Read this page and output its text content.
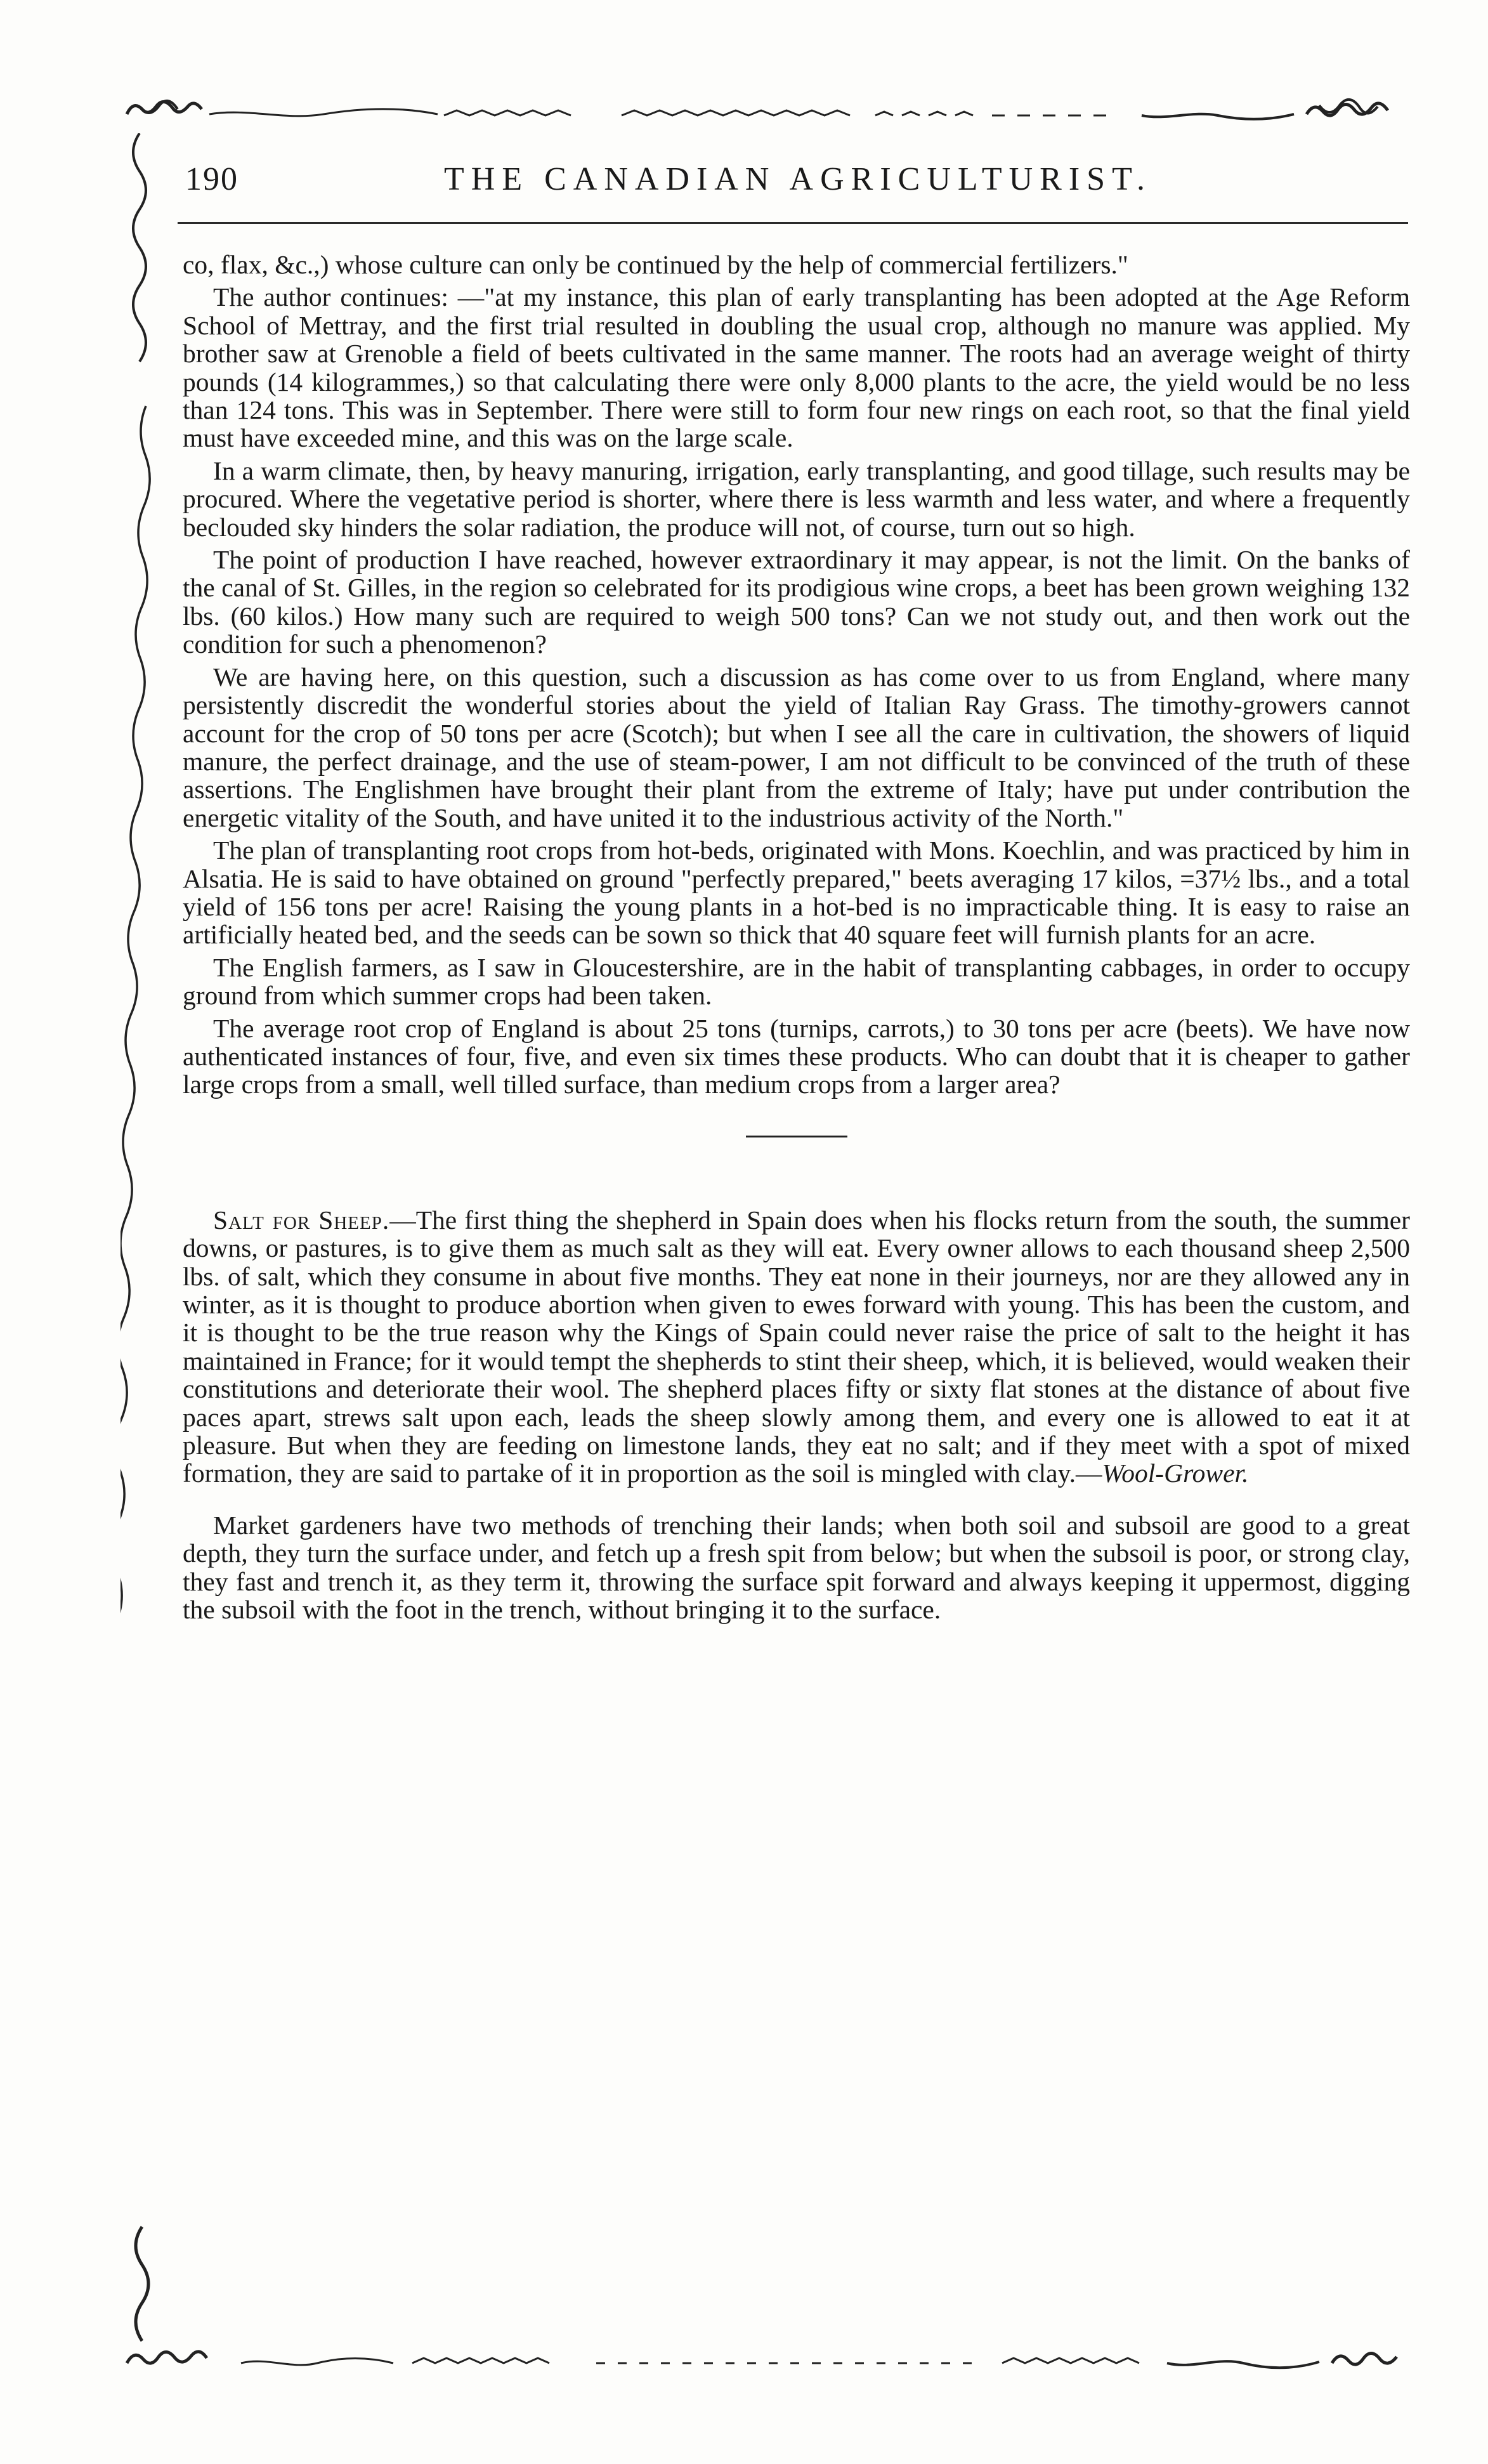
190	THE CANADIAN AGRICULTURIST.

co, flax, &c.,) whose culture can only be continued by the help of commercial fertilizers."

The author continues: —"at my instance, this plan of early transplanting has been adopted at the Age Reform School of Mettray, and the first trial resulted in doubling the usual crop, although no manure was applied. My brother saw at Grenoble a field of beets cultivated in the same manner. The roots had an average weight of thirty pounds (14 kilogrammes,) so that calculating there were only 8,000 plants to the acre, the yield would be no less than 124 tons. This was in September. There were still to form four new rings on each root, so that the final yield must have exceeded mine, and this was on the large scale.

In a warm climate, then, by heavy manuring, irrigation, early transplanting, and good tillage, such results may be procured. Where the vegetative period is shorter, where there is less warmth and less water, and where a frequently beclouded sky hinders the solar radiation, the produce will not, of course, turn out so high.

The point of production I have reached, however extraordinary it may appear, is not the limit. On the banks of the canal of St. Gilles, in the region so celebrated for its prodigious wine crops, a beet has been grown weighing 132 lbs. (60 kilos.) How many such are required to weigh 500 tons? Can we not study out, and then work out the condition for such a phenomenon?

We are having here, on this question, such a discussion as has come over to us from England, where many persistently discredit the wonderful stories about the yield of Italian Ray Grass. The timothy-growers cannot account for the crop of 50 tons per acre (Scotch); but when I see all the care in cultivation, the showers of liquid manure, the perfect drainage, and the use of steam-power, I am not difficult to be convinced of the truth of these assertions. The Englishmen have brought their plant from the extreme of Italy; have put under contribution the energetic vitality of the South, and have united it to the industrious activity of the North."

The plan of transplanting root crops from hot-beds, originated with Mons. Koechlin, and was practiced by him in Alsatia. He is said to have obtained on ground "perfectly prepared," beets averaging 17 kilos, =37½ lbs., and a total yield of 156 tons per acre! Raising the young plants in a hot-bed is no impracticable thing. It is easy to raise an artificially heated bed, and the seeds can be sown so thick that 40 square feet will furnish plants for an acre.

The English farmers, as I saw in Gloucestershire, are in the habit of transplanting cabbages, in order to occupy ground from which summer crops had been taken.

The average root crop of England is about 25 tons (turnips, carrots,) to 30 tons per acre (beets). We have now authenticated instances of four, five, and even six times these products. Who can doubt that it is cheaper to gather large crops from a small, well tilled surface, than medium crops from a larger area?

Salt for Sheep.—The first thing the shepherd in Spain does when his flocks return from the south, the summer downs, or pastures, is to give them as much salt as they will eat. Every owner allows to each thousand sheep 2,500 lbs. of salt, which they consume in about five months. They eat none in their journeys, nor are they allowed any in winter, as it is thought to produce abortion when given to ewes forward with young. This has been the custom, and it is thought to be the true reason why the Kings of Spain could never raise the price of salt to the height it has maintained in France; for it would tempt the shepherds to stint their sheep, which, it is believed, would weaken their constitutions and deteriorate their wool. The shepherd places fifty or sixty flat stones at the distance of about five paces apart, strews salt upon each, leads the sheep slowly among them, and every one is allowed to eat it at pleasure. But when they are feeding on limestone lands, they eat no salt; and if they meet with a spot of mixed formation, they are said to partake of it in proportion as the soil is mingled with clay.—Wool-Grower.

Market gardeners have two methods of trenching their lands; when both soil and subsoil are good to a great depth, they turn the surface under, and fetch up a fresh spit from below; but when the subsoil is poor, or strong clay, they fast and trench it, as they term it, throwing the surface spit forward and always keeping it uppermost, digging the subsoil with the foot in the trench, without bringing it to the surface.
